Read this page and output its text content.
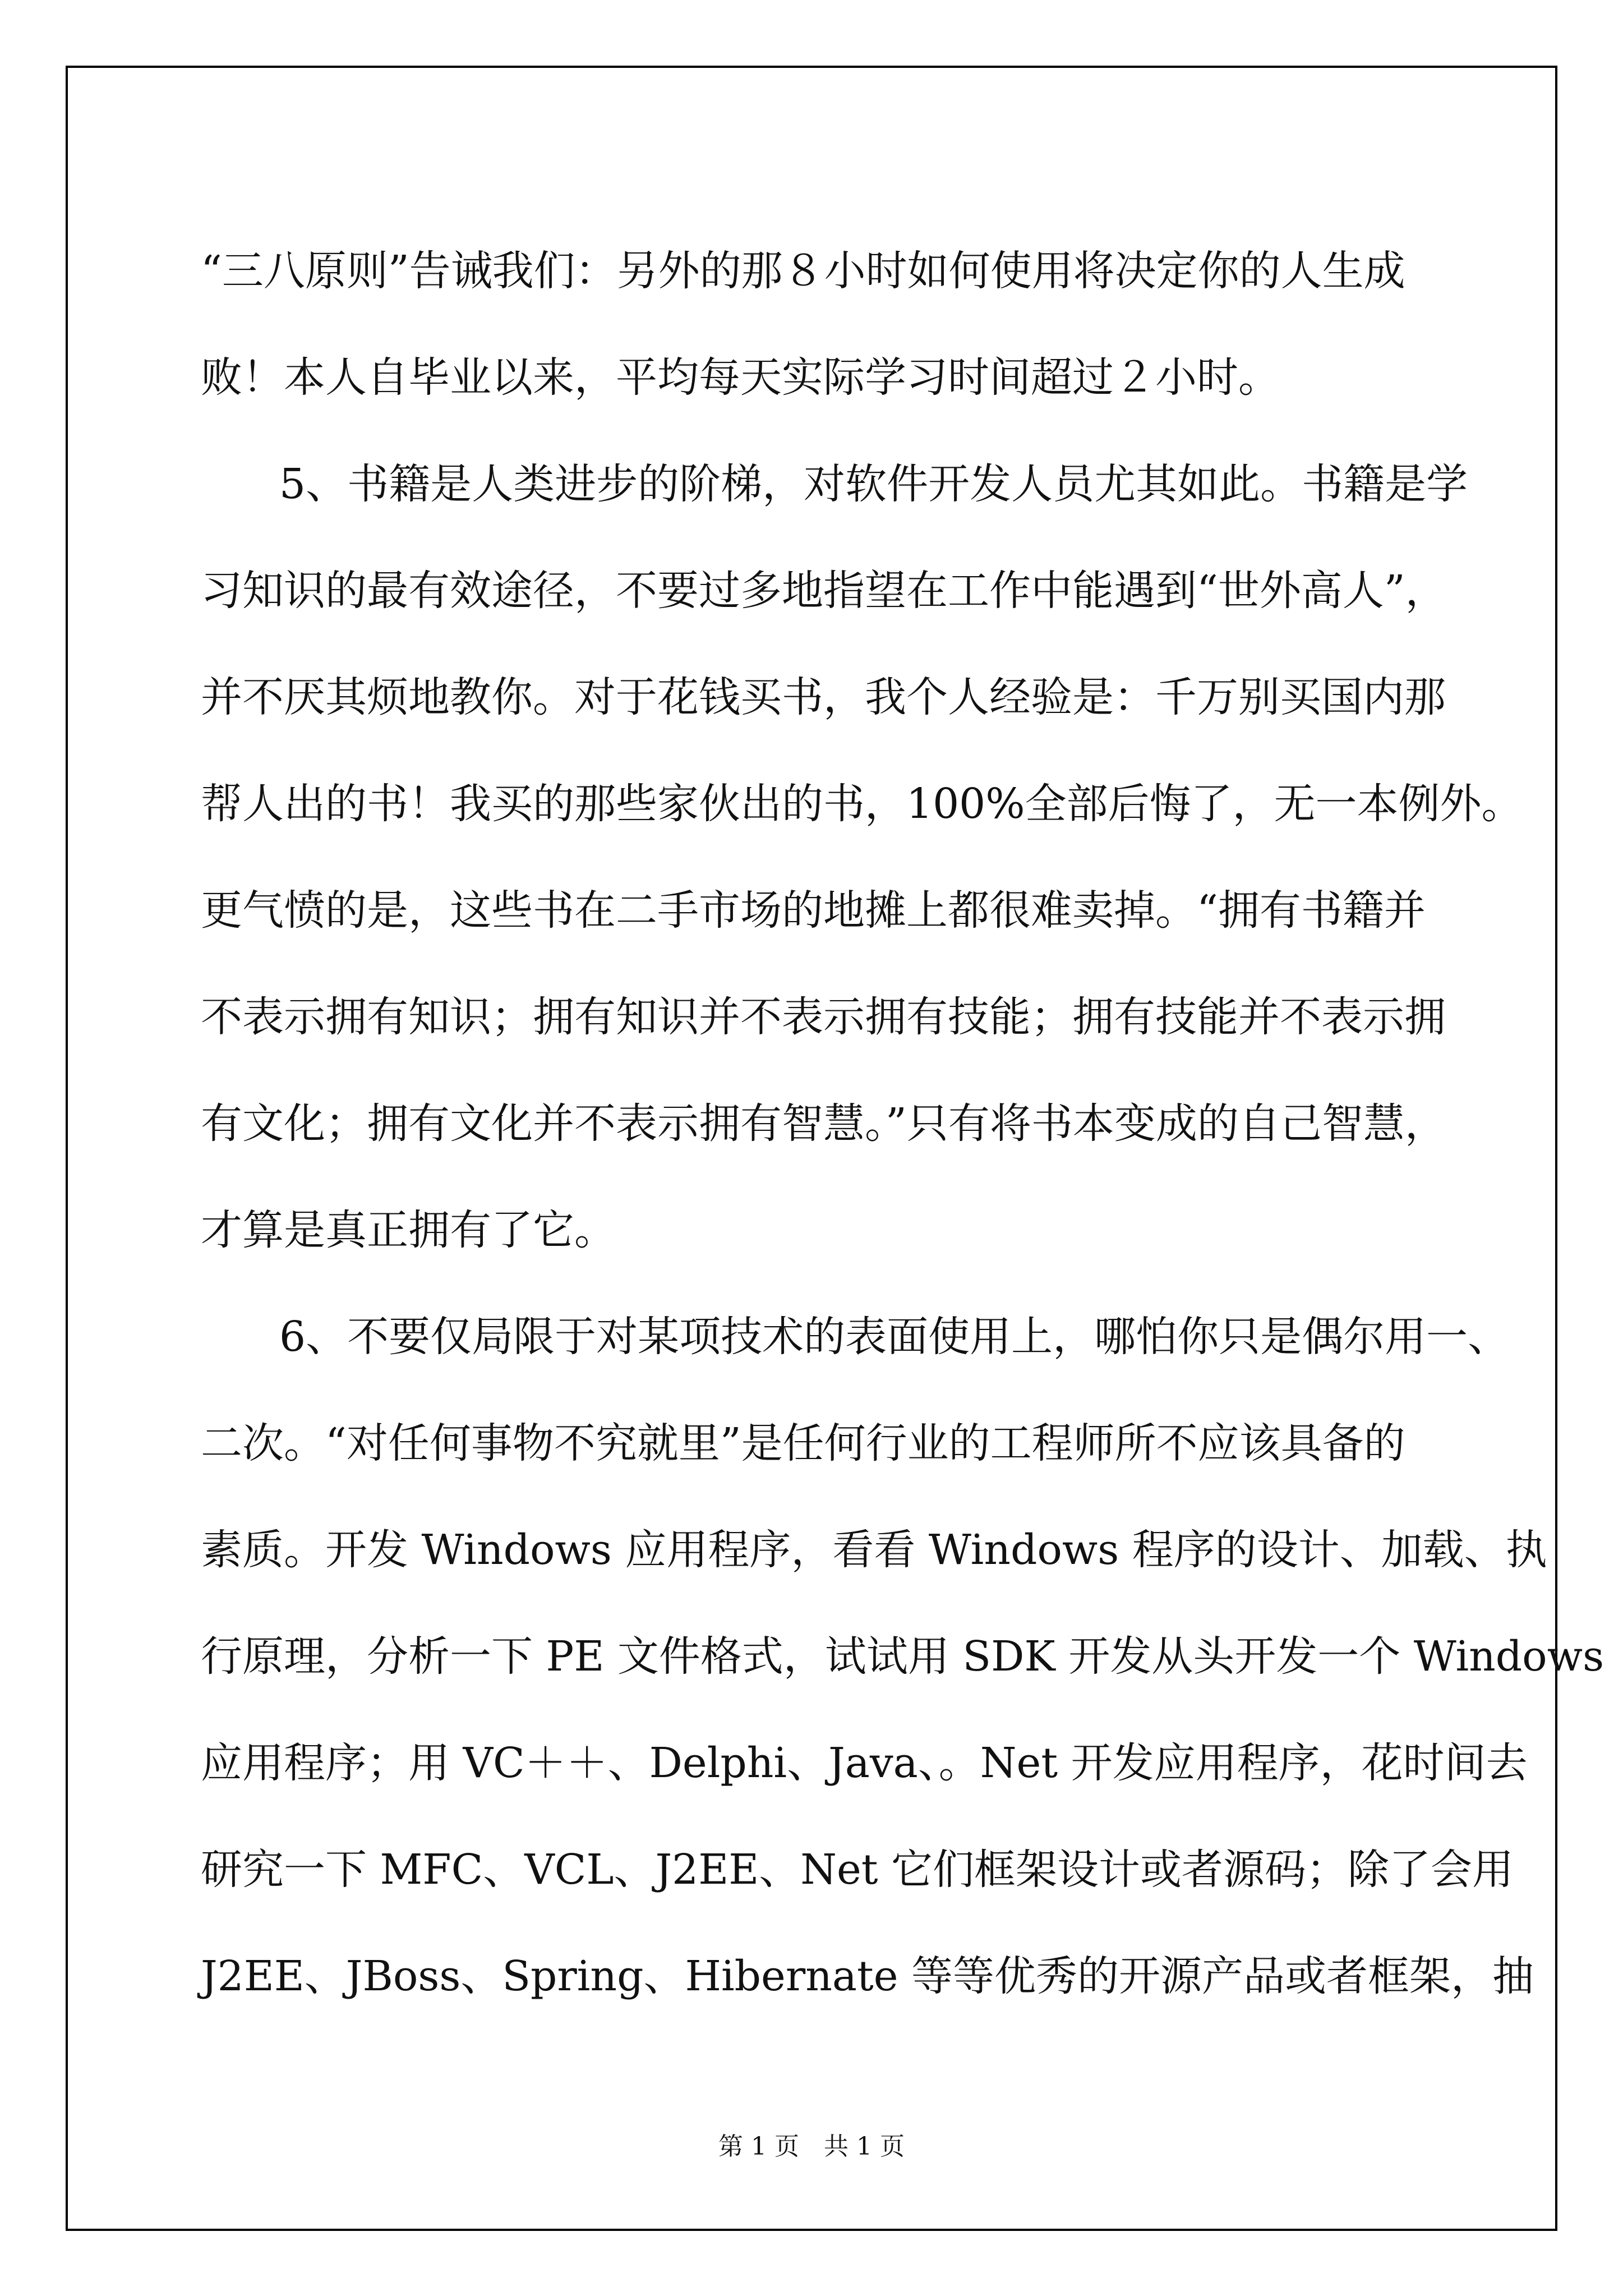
“三八原则”告诫我们：另外的那８小时如何使用将决定你的人生成
败！本人自毕业以来，平均每天实际学习时间超过２小时。
5、书籍是人类进步的阶梯，对软件开发人员尤其如此。书籍是学
习知识的最有效途径，不要过多地指望在工作中能遇到“世外高人”，
并不厌其烦地教你。对于花钱买书，我个人经验是：千万别买国内那
帮人出的书！我买的那些家伙出的书，100%全部后悔了，无一本例外。
更气愤的是，这些书在二手市场的地摊上都很难卖掉。“拥有书籍并
不表示拥有知识；拥有知识并不表示拥有技能；拥有技能并不表示拥
有文化；拥有文化并不表示拥有智慧。”只有将书本变成的自己智慧，
才算是真正拥有了它。
6、不要仅局限于对某项技术的表面使用上，哪怕你只是偶尔用一、
二次。“对任何事物不究就里”是任何行业的工程师所不应该具备的
素质。开发 Windows 应用程序，看看 Windows 程序的设计、加载、执
行原理，分析一下 PE 文件格式，试试用 SDK 开发从头开发一个 Windows
应用程序；用 VC＋＋、Delphi、Java、。Net 开发应用程序，花时间去
研究一下 MFC、VCL、J2EE、Net 它们框架设计或者源码；除了会用
J2EE、JBoss、Spring、Hibernate 等等优秀的开源产品或者框架，抽
第 1 页　共 1 页
